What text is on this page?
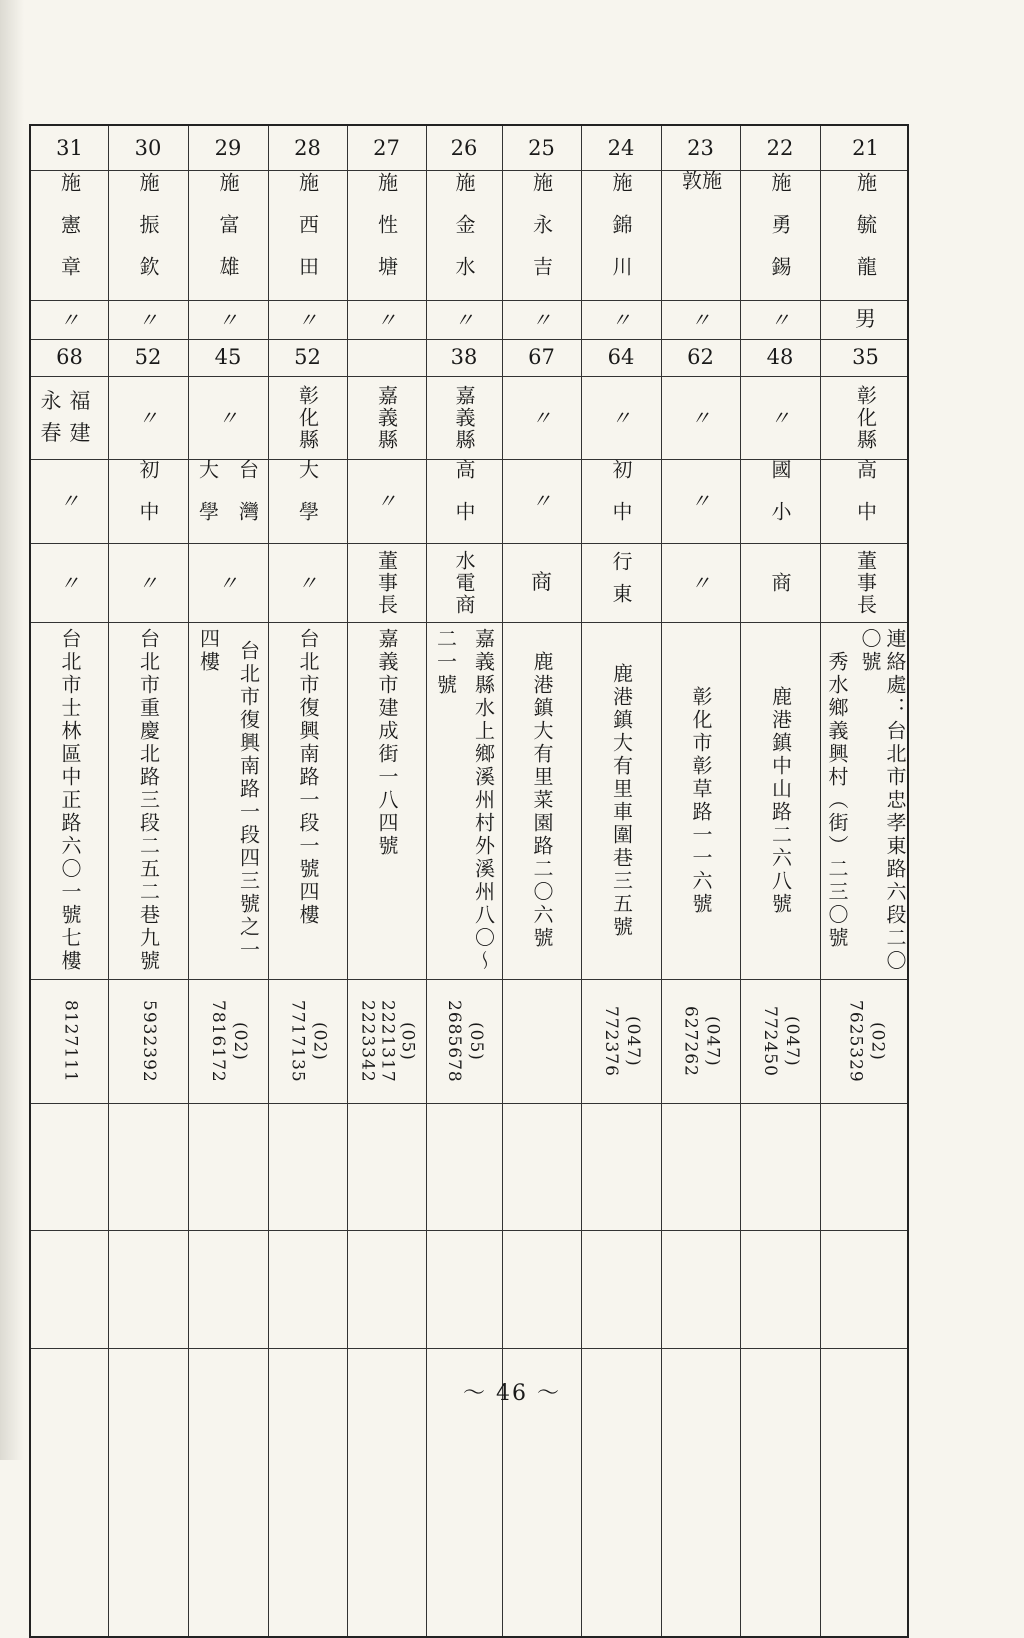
21
施毓龍
男
35
彰化縣
高中
董事長
連絡處：台北市忠孝東路六段二〇〇號
秀水鄉義興村（街）二三〇號
(02)
7625329
22
施勇錫
〃
48
〃
國小
商
鹿港鎮中山路二六八號
(047)
772450
23
施敦
〃
62
〃
〃
〃
彰化市彰草路一一六號
(047)
627262
24
施錦川
〃
64
〃
初中
行東
鹿港鎮大有里車圍巷三五號
(047)
772376
25
施永吉
〃
67
〃
〃
商
鹿港鎮大有里菜園路二〇六號
26
施金水
〃
38
嘉義縣
高中
水電商
嘉義縣水上鄉溪州村外溪州八〇～
二一號
(05)
2685678
27
施性塘
〃
嘉義縣
〃
董事長
嘉義市建成街一八四號
(05)
2221317
2223342
28
施西田
〃
52
彰化縣
大學
〃
台北市復興南路一段一號四樓
(02)
7717135
29
施富雄
〃
45
〃
台灣
大學
〃
台北市復興南路一段四三號之一
四樓
(02)
7816172
30
施振欽
〃
52
〃
初中
〃
台北市重慶北路三段二五二巷九號
5932392
31
施憲章
〃
68
永福
春建
〃
〃
台北市士林區中正路六〇一號七樓
8127111
～ 46 ～
